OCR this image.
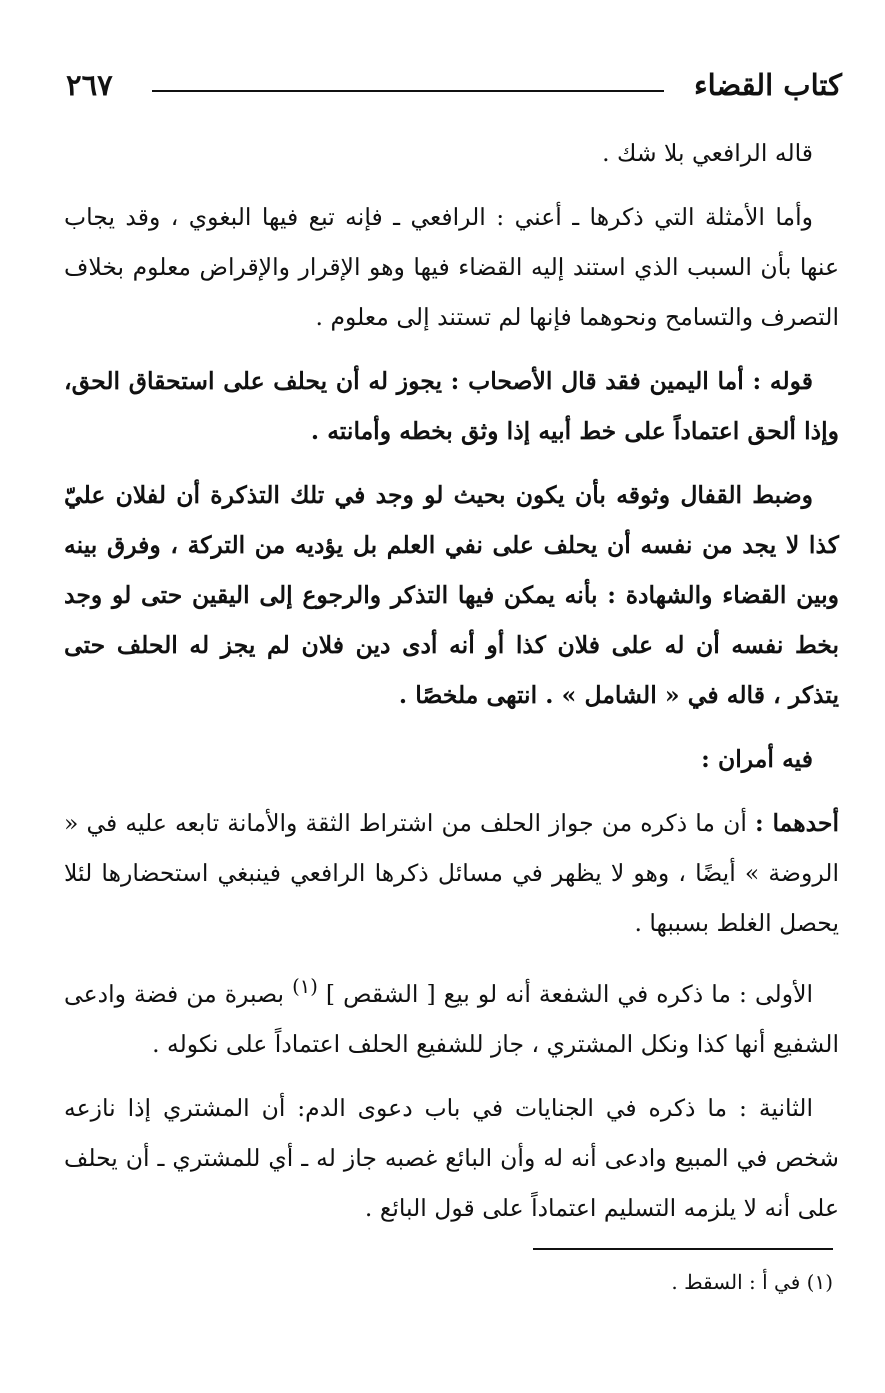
كتاب القضاء
٢٦٧

قاله الرافعي بلا شك .

وأما الأمثلة التي ذكرها ـ أعني : الرافعي ـ فإنه تبع فيها البغوي ، وقد يجاب عنها بأن السبب الذي استند إليه القضاء فيها وهو الإقرار والإقراض معلوم بخلاف التصرف والتسامح ونحوهما فإنها لم تستند إلى معلوم .

قوله : أما اليمين فقد قال الأصحاب : يجوز له أن يحلف على استحقاق الحق، وإذا ألحق اعتماداً على خط أبيه إذا وثق بخطه وأمانته .

وضبط القفال وثوقه بأن يكون بحيث لو وجد في تلك التذكرة أن لفلان عليّ كذا لا يجد من نفسه أن يحلف على نفي العلم بل يؤديه من التركة ، وفرق بينه وبين القضاء والشهادة : بأنه يمكن فيها التذكر والرجوع إلى اليقين حتى لو وجد بخط نفسه أن له على فلان كذا أو أنه أدى دين فلان لم يجز له الحلف حتى يتذكر ، قاله في « الشامل » . انتهى ملخصًا .

فيه أمران :

أحدهما : أن ما ذكره من جواز الحلف من اشتراط الثقة والأمانة تابعه عليه في « الروضة » أيضًا ، وهو لا يظهر في مسائل ذكرها الرافعي فينبغي استحضارها لئلا يحصل الغلط بسببها .

الأولى : ما ذكره في الشفعة أنه لو بيع [ الشقص ] $^{(١)}$ بصبرة من فضة وادعى الشفيع أنها كذا ونكل المشتري ، جاز للشفيع الحلف اعتماداً على نكوله .

الثانية : ما ذكره في الجنايات في باب دعوى الدم: أن المشتري إذا نازعه شخص في المبيع وادعى أنه له وأن البائع غصبه جاز له ـ أي للمشتري ـ أن يحلف على أنه لا يلزمه التسليم اعتماداً على قول البائع .

(١) في أ : السقط .
